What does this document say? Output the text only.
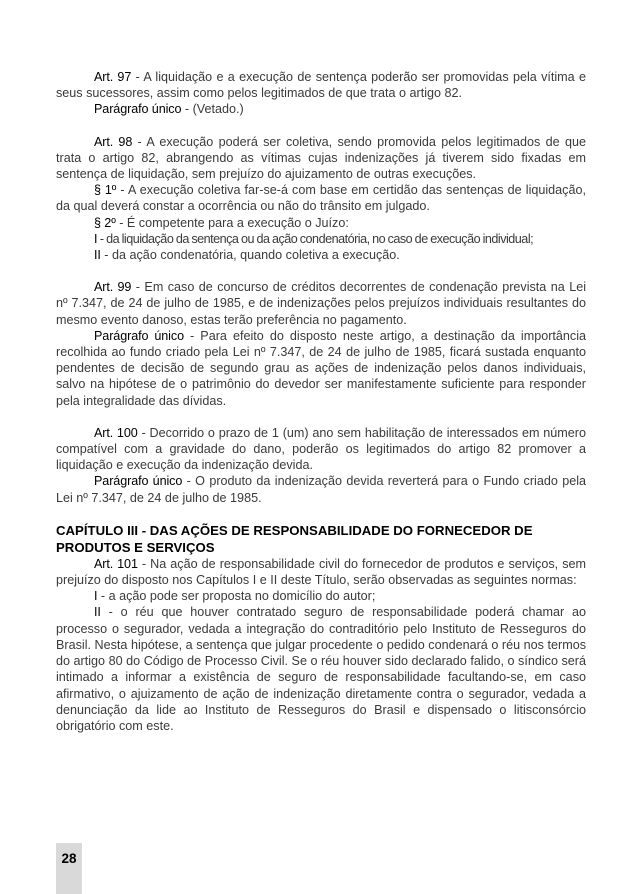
Art. 97 - A liquidação e a execução de sentença poderão ser promovidas pela vítima e seus sucessores, assim como pelos legitimados de que trata o artigo 82.

Parágrafo único - (Vetado.)

Art. 98 - A execução poderá ser coletiva, sendo promovida pelos legitimados de que trata o artigo 82, abrangendo as vítimas cujas indenizações já tiverem sido fixadas em sentença de liquidação, sem prejuízo do ajuizamento de outras execuções.

§ 1º - A execução coletiva far-se-á com base em certidão das sentenças de liquidação, da qual deverá constar a ocorrência ou não do trânsito em julgado.

§ 2º - É competente para a execução o Juízo:

I - da liquidação da sentença ou da ação condenatória, no caso de execução individual;

II - da ação condenatória, quando coletiva a execução.

Art. 99 - Em caso de concurso de créditos decorrentes de condenação prevista na Lei nº 7.347, de 24 de julho de 1985, e de indenizações pelos prejuízos individuais resultantes do mesmo evento danoso, estas terão preferência no pagamento.

Parágrafo único - Para efeito do disposto neste artigo, a destinação da importância recolhida ao fundo criado pela Lei nº 7.347, de 24 de julho de 1985, ficará sustada enquanto pendentes de decisão de segundo grau as ações de indenização pelos danos individuais, salvo na hipótese de o patrimônio do devedor ser manifestamente suficiente para responder pela integralidade das dívidas.

Art. 100 - Decorrido o prazo de 1 (um) ano sem habilitação de interessados em número compatível com a gravidade do dano, poderão os legitimados do artigo 82 promover a liquidação e execução da indenização devida.

Parágrafo único - O produto da indenização devida reverterá para o Fundo criado pela Lei nº 7.347, de 24 de julho de 1985.

CAPÍTULO III - DAS AÇÕES DE RESPONSABILIDADE DO FORNECEDOR DE PRODUTOS E SERVIÇOS

Art. 101 - Na ação de responsabilidade civil do fornecedor de produtos e serviços, sem prejuízo do disposto nos Capítulos I e II deste Título, serão observadas as seguintes normas:

I - a ação pode ser proposta no domicílio do autor;

II - o réu que houver contratado seguro de responsabilidade poderá chamar ao processo o segurador, vedada a integração do contraditório pelo Instituto de Resseguros do Brasil. Nesta hipótese, a sentença que julgar procedente o pedido condenará o réu nos termos do artigo 80 do Código de Processo Civil. Se o réu houver sido declarado falido, o síndico será intimado a informar a existência de seguro de responsabilidade facultando-se, em caso afirmativo, o ajuizamento de ação de indenização diretamente contra o segurador, vedada a denunciação da lide ao Instituto de Resseguros do Brasil e dispensado o litisconsórcio obrigatório com este.

28
